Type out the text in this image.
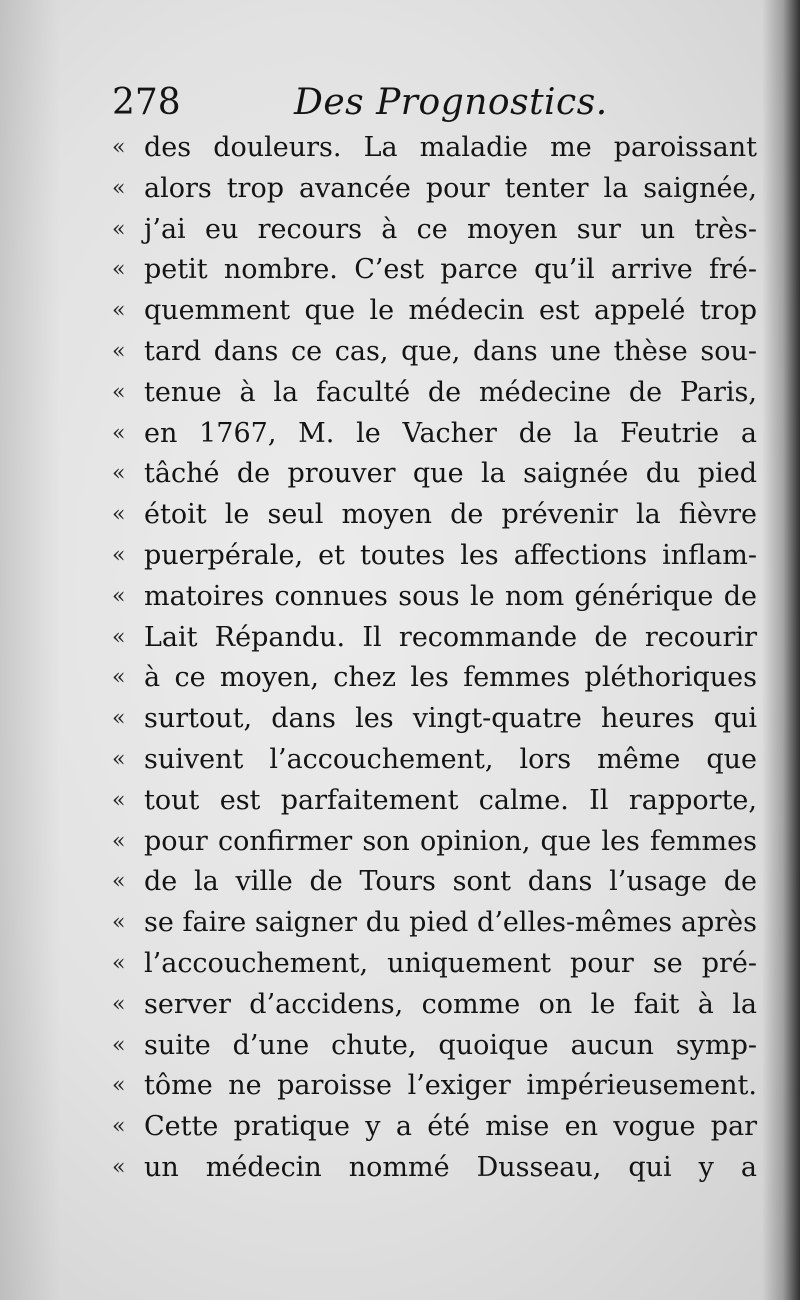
278	Des Prognostics.
« des douleurs. La maladie me paroissant
« alors trop avancée pour tenter la saignée,
« j’ai eu recours à ce moyen sur un très-
« petit nombre. C’est parce qu’il arrive fré-
« quemment que le médecin est appelé trop
« tard dans ce cas, que, dans une thèse sou-
« tenue à la faculté de médecine de Paris,
« en 1767, M. le Vacher de la Feutrie a
« tâché de prouver que la saignée du pied
« étoit le seul moyen de prévenir la fièvre
« puerpérale, et toutes les affections inflam-
« matoires connues sous le nom générique de
« Lait Répandu. Il recommande de recourir
« à ce moyen, chez les femmes pléthoriques
« surtout, dans les vingt-quatre heures qui
« suivent l’accouchement, lors même que
« tout est parfaitement calme. Il rapporte,
« pour confirmer son opinion, que les femmes
« de la ville de Tours sont dans l’usage de
« se faire saigner du pied d’elles-mêmes après
« l’accouchement, uniquement pour se pré-
« server d’accidens, comme on le fait à la
« suite d’une chute, quoique aucun symp-
« tôme ne paroisse l’exiger impérieusement.
« Cette pratique y a été mise en vogue par
« un médecin nommé Dusseau, qui y a
